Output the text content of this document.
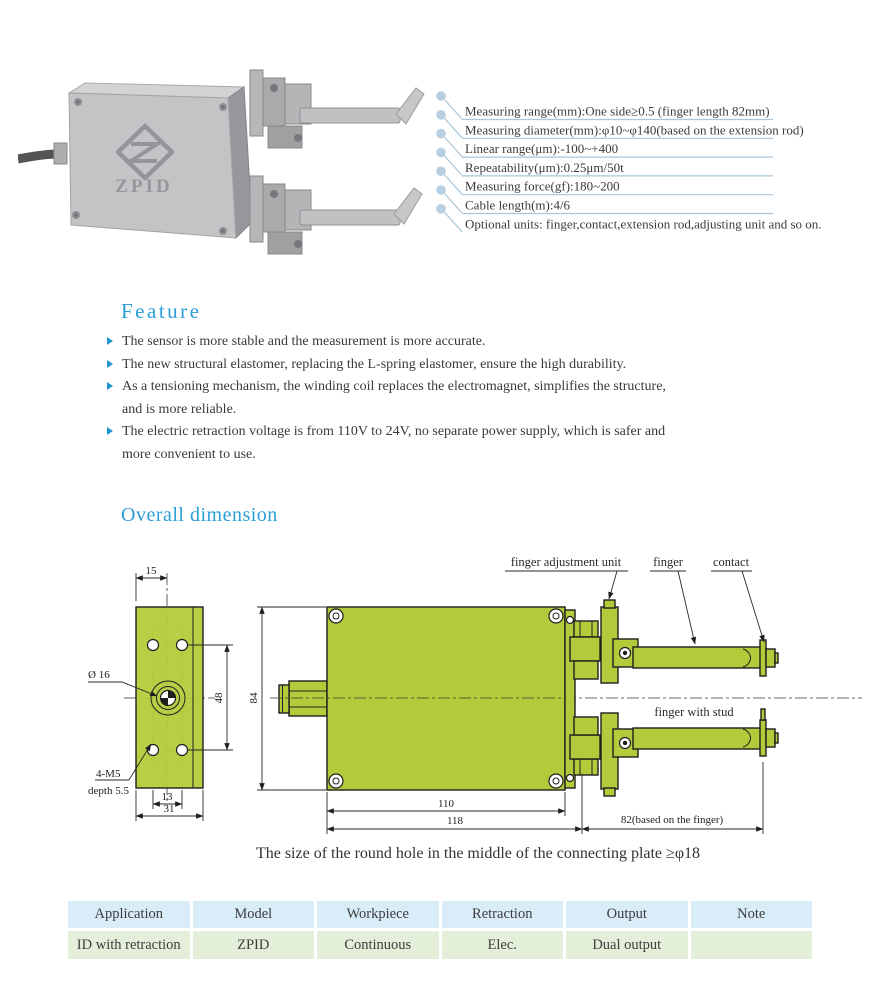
ZPID
Measuring range(mm):One side≥0.5 (finger length 82mm)
Measuring diameter(mm):φ10~φ140(based on the extension rod)
Linear range(μm):-100~+400
Repeatability(μm):0.25μm/50t
Measuring force(gf):180~200
Cable length(m):4/6
Optional units: finger,contact,extension rod,adjusting unit and so on.
Feature
The sensor is more stable and the measurement is more accurate.
The new structural elastomer, replacing the L-spring elastomer, ensure the high durability.
As a tensioning mechanism, the winding coil replaces the electromagnet, simplifies the structure, and is more reliable.
The electric retraction voltage is from 110V to 24V, no separate power supply, which is safer and more convenient to use.
Overall dimension
15
Ø 16
48
4-M5
depth 5.5	13
31
84
110
118	82(based on the finger)
finger adjustment unit	finger contact
finger with stud

The size of the round hole in the middle of the connecting plate ≥φ18

Application	Model	Workpiece	Retraction	Output	Note
ID with retraction	ZPID	Continuous	Elec.	Dual output
